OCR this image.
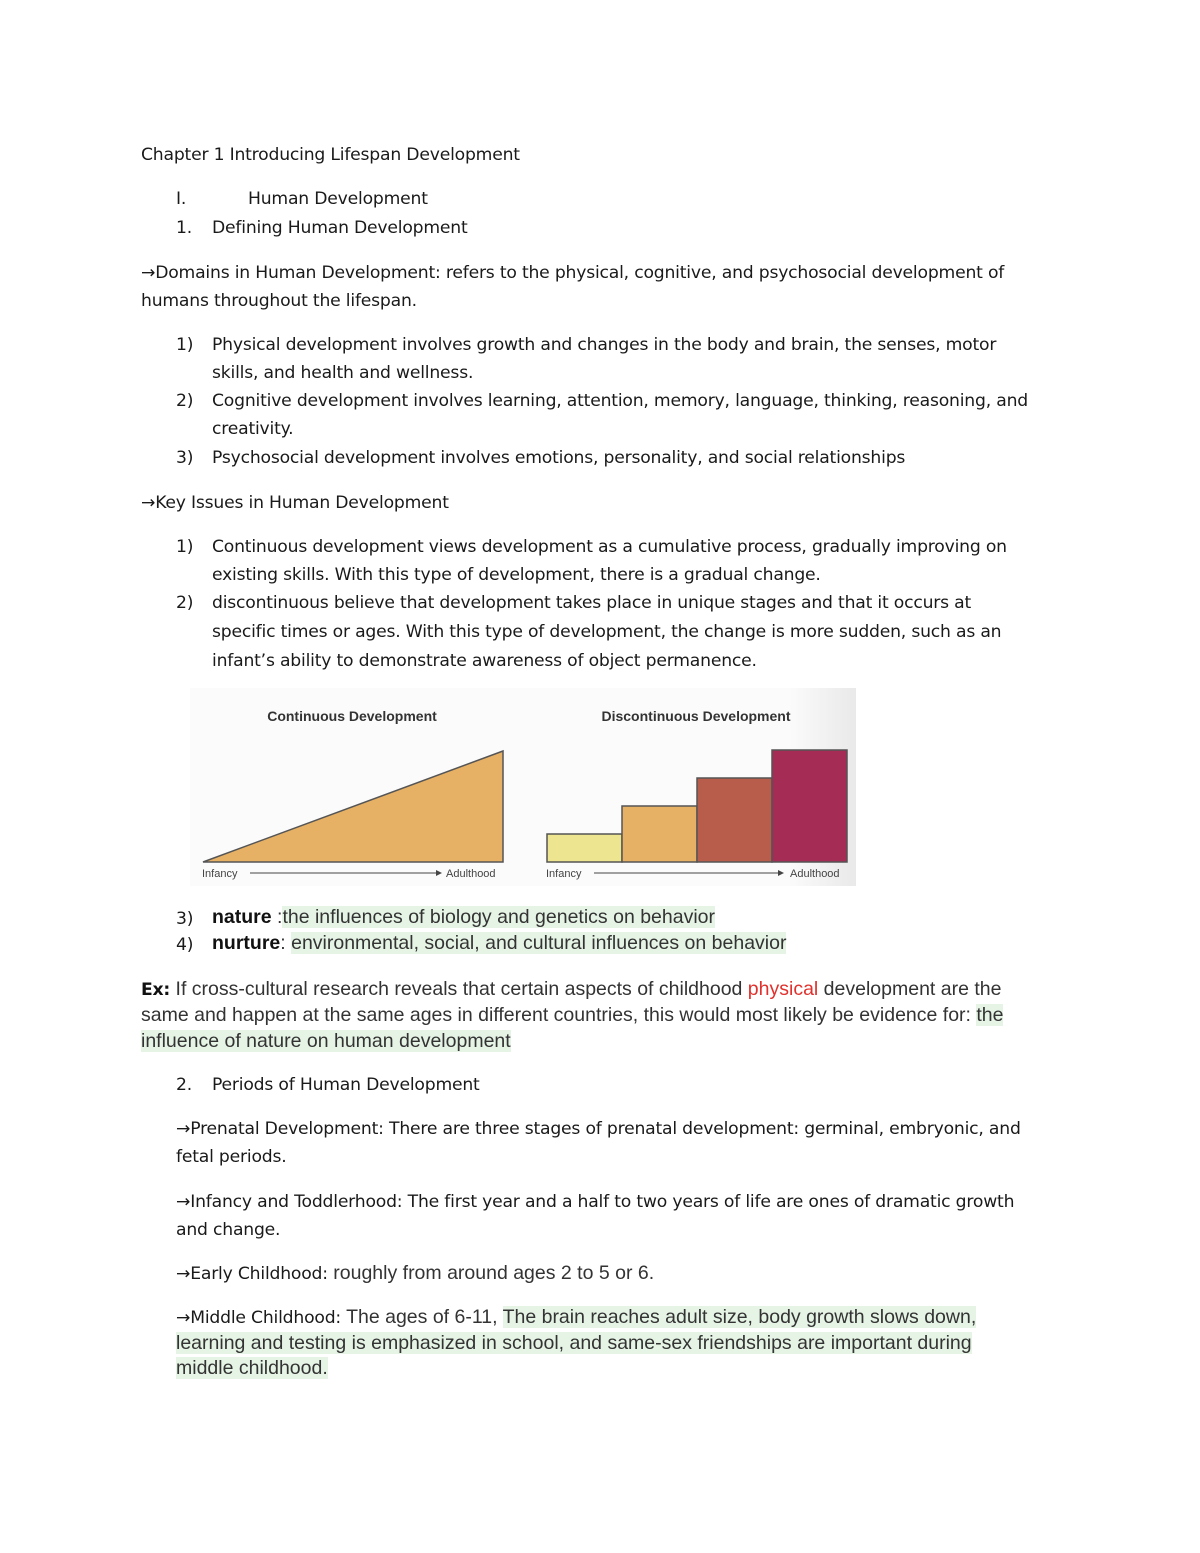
Chapter 1 Introducing Lifespan Development
I.	Human Development
1. Defining Human Development
→Domains in Human Development: refers to the physical, cognitive, and psychosocial development of
humans throughout the lifespan.
1) Physical development involves growth and changes in the body and brain, the senses, motor
skills, and health and wellness.
2) Cognitive development involves learning, attention, memory, language, thinking, reasoning, and
creativity.
3) Psychosocial development involves emotions, personality, and social relationships
→Key Issues in Human Development
1) Continuous development views development as a cumulative process, gradually improving on
existing skills. With this type of development, there is a gradual change.
2) discontinuous believe that development takes place in unique stages and that it occurs at
specific times or ages. With this type of development, the change is more sudden, such as an
infant’s ability to demonstrate awareness of object permanence.
Continuous Development	Discontinuous Development
Infancy	Adulthood	Infancy	Adulthood
3) nature :the influences of biology and genetics on behavior
4) nurture: environmental, social, and cultural influences on behavior
Ex: If cross-cultural research reveals that certain aspects of childhood physical development are the
same and happen at the same ages in different countries, this would most likely be evidence for: the
influence of nature on human development
2. Periods of Human Development
→Prenatal Development: There are three stages of prenatal development: germinal, embryonic, and
fetal periods.
→Infancy and Toddlerhood: The first year and a half to two years of life are ones of dramatic growth
and change.
→Early Childhood: roughly from around ages 2 to 5 or 6.
→Middle Childhood: The ages of 6-11, The brain reaches adult size, body growth slows down,
learning and testing is emphasized in school, and same-sex friendships are important during
middle childhood.
